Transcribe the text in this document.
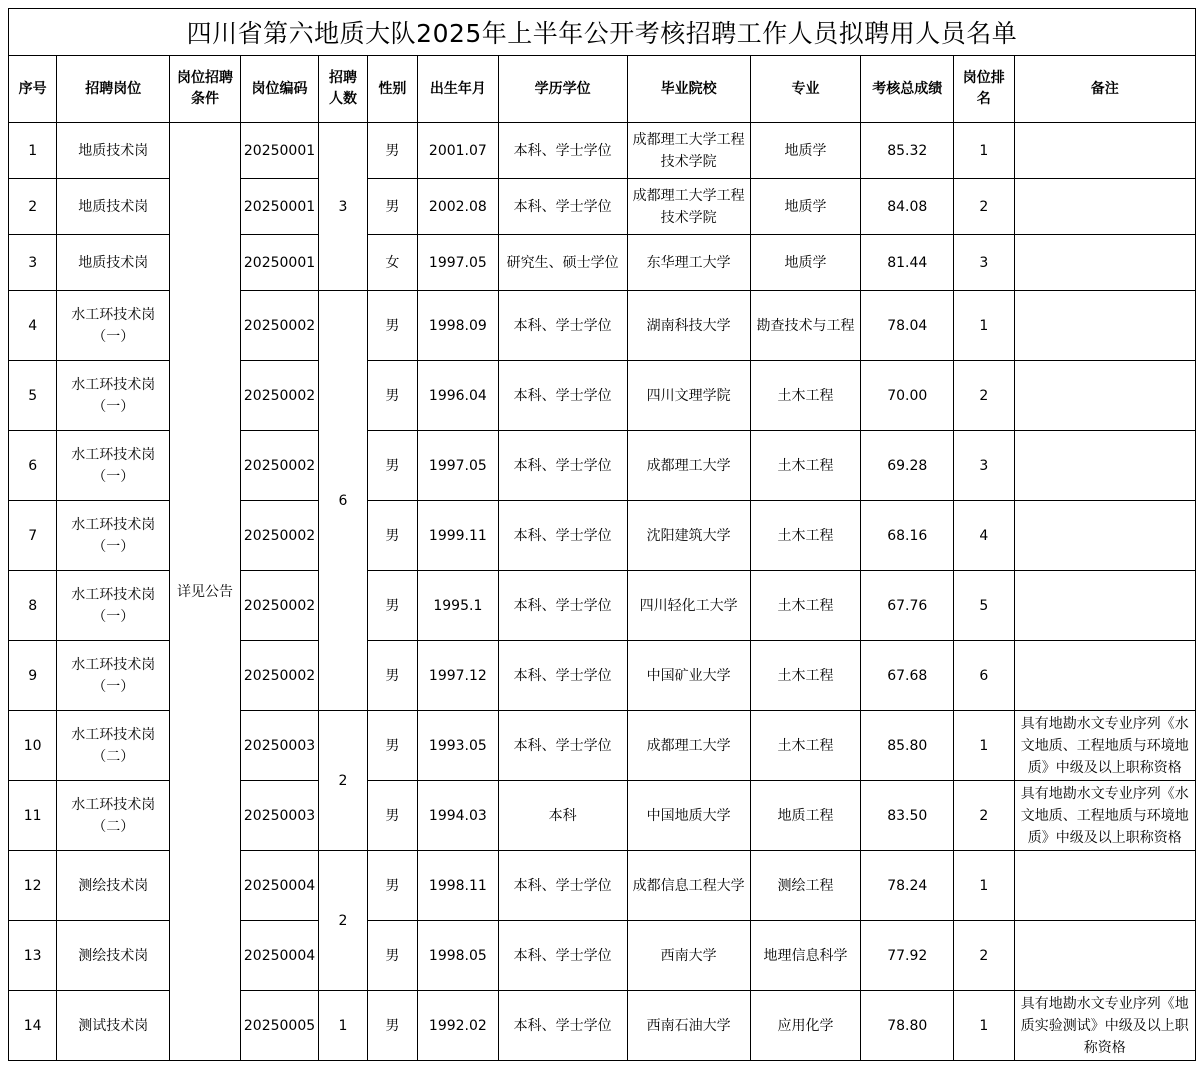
四川省第六地质大队2025年上半年公开考核招聘工作人员拟聘用人员名单
序号	招聘岗位	岗位招聘条件	岗位编码	招聘人数	性别	出生年月	学历学位	毕业院校	专业	考核总成绩	岗位排名	备注
1	地质技术岗	详见公告	20250001	3	男	2001.07	本科、学士学位	成都理工大学工程技术学院	地质学	85.32	1	
2	地质技术岗		20250001		男	2002.08	本科、学士学位	成都理工大学工程技术学院	地质学	84.08	2	
3	地质技术岗		20250001		女	1997.05	研究生、硕士学位	东华理工大学	地质学	81.44	3	
4	水工环技术岗（一）		20250002	6	男	1998.09	本科、学士学位	湖南科技大学	勘查技术与工程	78.04	1	
5	水工环技术岗（一）		20250002		男	1996.04	本科、学士学位	四川文理学院	土木工程	70.00	2	
6	水工环技术岗（一）		20250002		男	1997.05	本科、学士学位	成都理工大学	土木工程	69.28	3	
7	水工环技术岗（一）		20250002		男	1999.11	本科、学士学位	沈阳建筑大学	土木工程	68.16	4	
8	水工环技术岗（一）		20250002		男	1995.1	本科、学士学位	四川轻化工大学	土木工程	67.76	5	
9	水工环技术岗（一）		20250002		男	1997.12	本科、学士学位	中国矿业大学	土木工程	67.68	6	
10	水工环技术岗（二）		20250003	2	男	1993.05	本科、学士学位	成都理工大学	土木工程	85.80	1	具有地勘水文专业序列《水文地质、工程地质与环境地质》中级及以上职称资格
11	水工环技术岗（二）		20250003		男	1994.03	本科	中国地质大学	地质工程	83.50	2	具有地勘水文专业序列《水文地质、工程地质与环境地质》中级及以上职称资格
12	测绘技术岗		20250004	2	男	1998.11	本科、学士学位	成都信息工程大学	测绘工程	78.24	1	
13	测绘技术岗		20250004		男	1998.05	本科、学士学位	西南大学	地理信息科学	77.92	2	
14	测试技术岗		20250005	1	男	1992.02	本科、学士学位	西南石油大学	应用化学	78.80	1	具有地勘水文专业序列《地质实验测试》中级及以上职称资格
